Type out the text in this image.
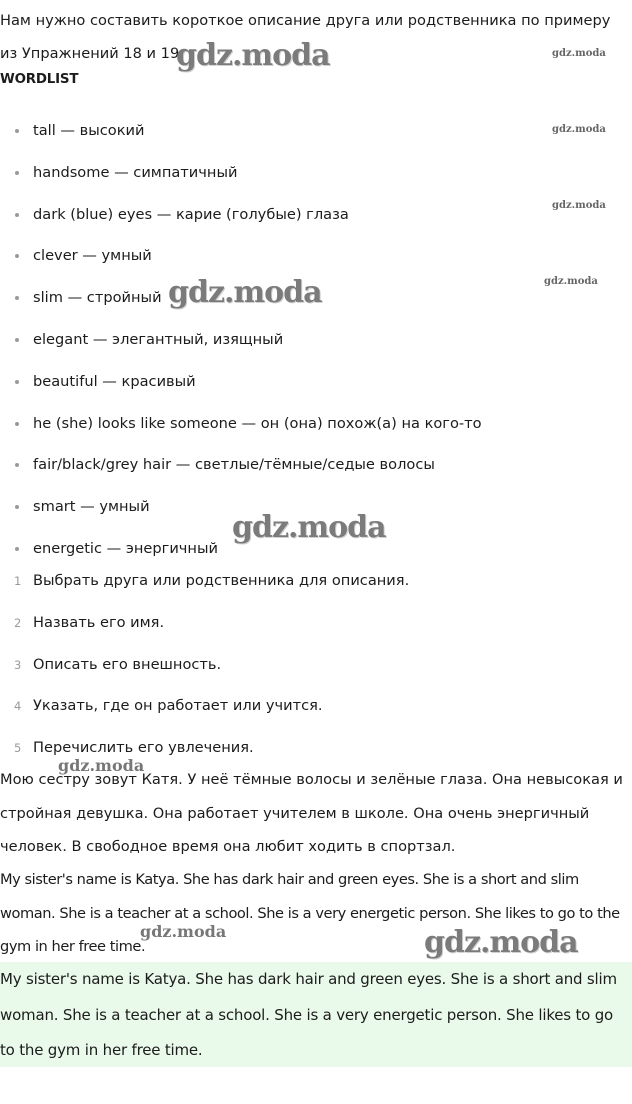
Нам нужно составить короткое описание друга или родственника по примеру из Упражнений 18 и 19.
WORDLIST
tall — высокий
handsome — симпатичный
dark (blue) eyes — карие (голубые) глаза
clever — умный
slim — стройный
elegant — элегантный, изящный
beautiful — красивый
he (she) looks like someone — он (она) похож(а) на кого-то
fair/black/grey hair — светлые/тёмные/седые волосы
smart — умный
energetic — энергичный
1 Выбрать друга или родственника для описания.
2 Назвать его имя.
3 Описать его внешность.
4 Указать, где он работает или учится.
5 Перечислить его увлечения.
Мою сестру зовут Катя. У неё тёмные волосы и зелёные глаза. Она невысокая и стройная девушка. Она работает учителем в школе. Она очень энергичный человек. В свободное время она любит ходить в спортзал.
My sister's name is Katya. She has dark hair and green eyes. She is a short and slim woman. She is a teacher at a school. She is a very energetic person. She likes to go to the gym in her free time.

My sister's name is Katya. She has dark hair and green eyes. She is a short and slim woman. She is a teacher at a school. She is a very energetic person. She likes to go to the gym in her free time.

gdz.moda	gdz.moda
gdz.moda
gdz.moda
gdz.moda
gdz.moda
gdz.moda
gdz.moda
gdz.moda	gdz.moda
